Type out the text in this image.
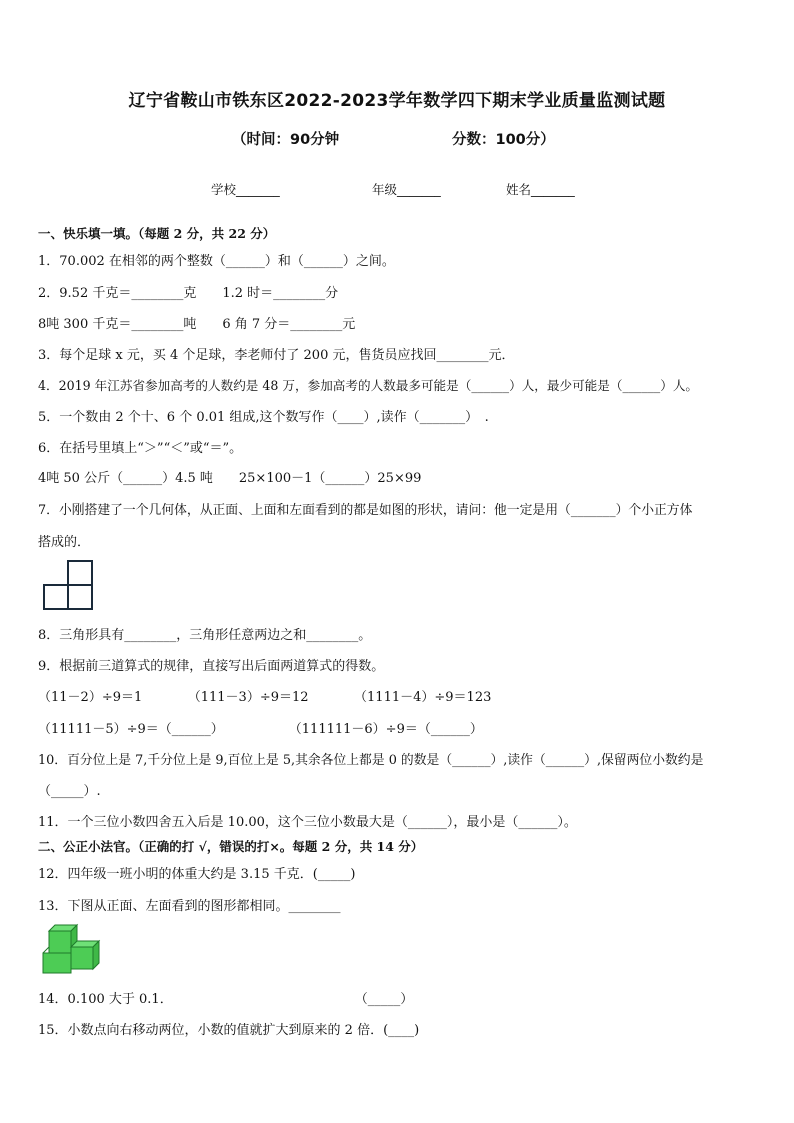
辽宁省鞍山市铁东区2022-2023学年数学四下期末学业质量监测试题
（时间：90分钟	分数：100分）
学校_______	年级_______	姓名_______
一、快乐填一填。（每题 2 分，共 22 分）
1．70.002 在相邻的两个整数（______）和（______）之间。
2．9.52 千克＝________克　　1.2 时＝________分
8吨 300 千克＝________吨　　6 角 7 分＝________元
3．每个足球 x 元，买 4 个足球，李老师付了 200 元，售货员应找回________元．
4．2019 年江苏省参加高考的人数约是 48 万，参加高考的人数最多可能是（______）人，最少可能是（______）人。
5．一个数由 2 个十、6 个 0.01 组成,这个数写作（____）,读作（_______）　.
6．在括号里填上“＞”“＜”或“＝”。
4吨 50 公斤（______）4.5 吨　　25×100－1（______）25×99
7．小刚搭建了一个几何体，从正面、上面和左面看到的都是如图的形状，请问：他一定是用（_______）个小正方体
搭成的．
8．三角形具有________，三角形任意两边之和________。
9．根据前三道算式的规律，直接写出后面两道算式的得数。
（11－2）÷9＝1　　　　（111－3）÷9＝12　　　　（1111－4）÷9＝123
（11111－5）÷9＝（______）　　　　　　（111111－6）÷9＝（______）
10．百分位上是 7,千分位上是 9,百位上是 5,其余各位上都是 0 的数是（______）,读作（______）,保留两位小数约是
（_____）.
11．一个三位小数四舍五入后是 10.00，这个三位小数最大是（______），最小是（______）。
二、公正小法官。（正确的打 √，错误的打×。每题 2 分，共 14 分）
12．四年级一班小明的体重大约是 3.15 千克．(_____)
13．下图从正面、左面看到的图形都相同。________
14．0.100 大于 0.1．　　　　　　　　　　　　　　　（_____）
15．小数点向右移动两位，小数的值就扩大到原来的 2 倍．(____)
